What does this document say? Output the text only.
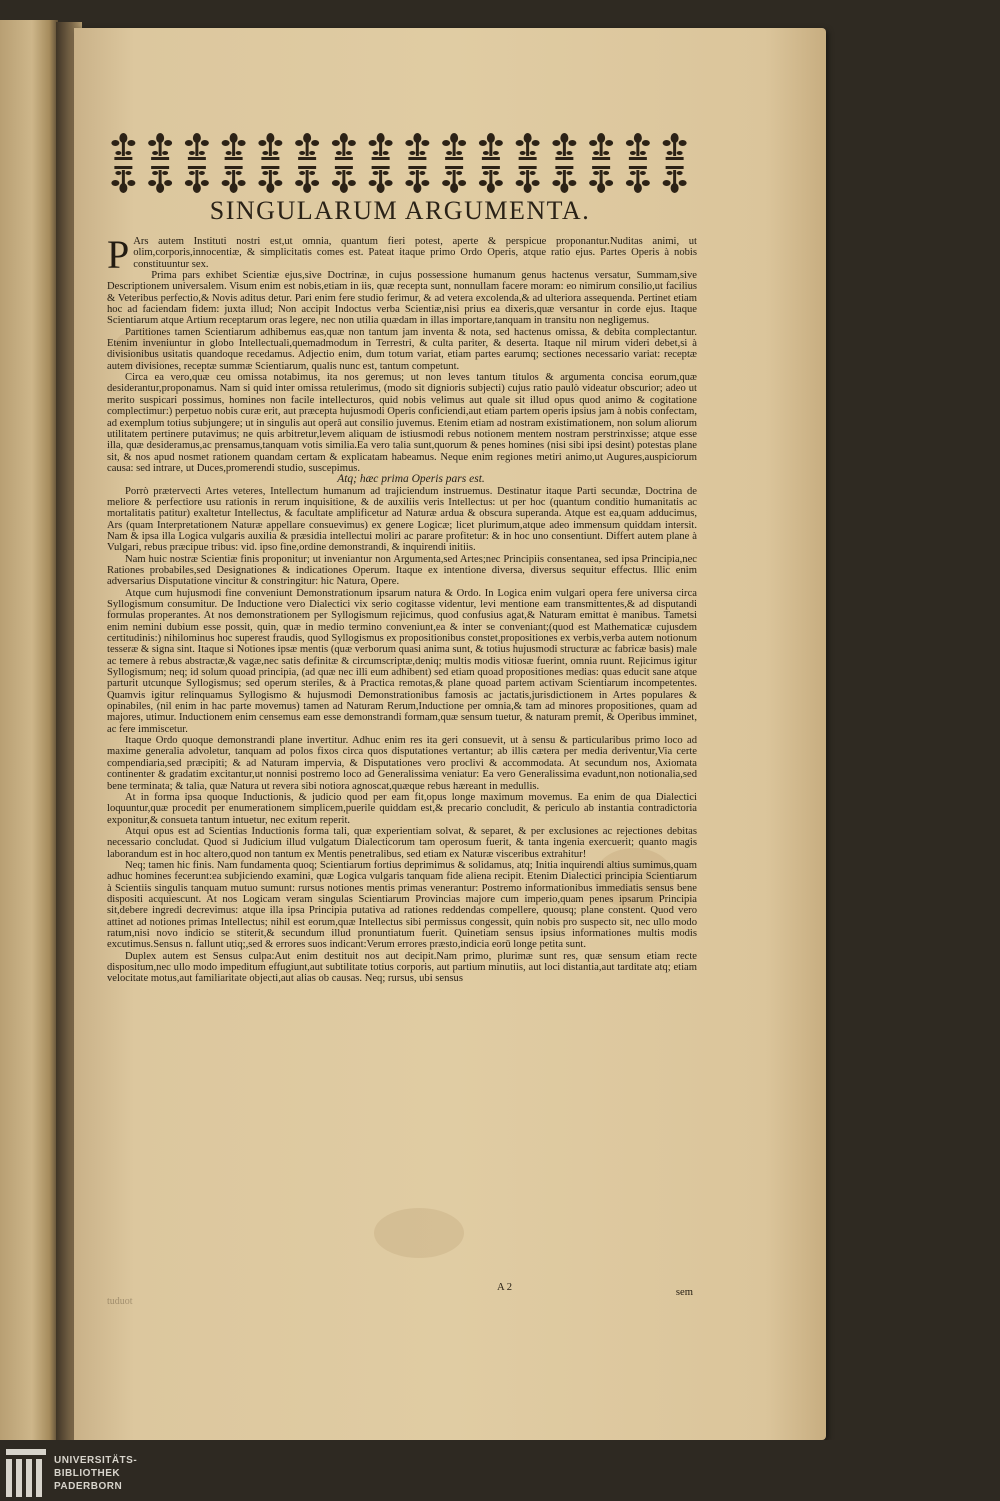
SINGULARUM ARGUMENTA.

P Ars autem Instituti nostri est,ut omnia, quantum fieri potest, aperte & perspicue proponantur.Nuditas animi, ut olim,corporis,innocentiæ, & simplicitatis comes est. Pateat itaque primo Ordo Operis, atque ratio ejus. Partes Operis à nobis constituuntur sex.

Prima pars exhibet Scientiæ ejus,sive Doctrinæ, in cujus possessione humanum genus hactenus versatur, Summam,sive Descriptionem universalem. Visum enim est nobis,etiam in iis, quæ recepta sunt, nonnullam facere moram: eo nimirum consilio,ut facilius & Veteribus perfectio,& Novis aditus detur. Pari enim fere studio ferimur, & ad vetera excolenda,& ad ulteriora assequenda. Pertinet etiam hoc ad faciendam fidem: juxta illud; Non accipit Indoctus verba Scientiæ,nisi prius ea dixeris,quæ versantur in corde ejus. Itaque Scientiarum atque Artium receptarum oras legere, nec non utilia quædam in illas importare,tanquam in transitu non negligemus.

Partitiones tamen Scientiarum adhibemus eas,quæ non tantum jam inventa & nota, sed hactenus omissa, & debita complectantur. Etenim inveniuntur in globo Intellectuali,quemadmodum in Terrestri, & culta pariter, & deserta. Itaque nil mirum videri debet,si à divisionibus usitatis quandoque recedamus. Adjectio enim, dum totum variat, etiam partes earumq; sectiones necessario variat: receptæ autem divisiones, receptæ summæ Scientiarum, qualis nunc est, tantum competunt.

Circa ea vero,quæ ceu omissa notabimus, ita nos geremus; ut non leves tantum titulos & argumenta concisa eorum,quæ desiderantur,proponamus. Nam si quid inter omissa retulerimus, (modo sit dignioris subjecti) cujus ratio paulò videatur obscurior; adeo ut merito suspicari possimus, homines non facile intellecturos, quid nobis velimus aut quale sit illud opus quod animo & cogitatione complectimur:) perpetuo nobis curæ erit, aut præcepta hujusmodi Operis conficiendi,aut etiam partem operis ipsius jam à nobis confectam, ad exemplum totius subjungere; ut in singulis aut operâ aut consilio juvemus. Etenim etiam ad nostram existimationem, non solum aliorum utilitatem pertinere putavimus; ne quis arbitretur,levem aliquam de istiusmodi rebus notionem mentem nostram perstrinxisse; atque esse illa, quæ desideramus,ac prensamus,tanquam votis similia.Ea vero talia sunt,quorum & penes homines (nisi sibi ipsi desint) potestas plane sit, & nos apud nosmet rationem quandam certam & explicatam habeamus. Neque enim regiones metiri animo,ut Augures,auspiciorum causa: sed intrare, ut Duces,promerendi studio, suscepimus.

Atq; hæc prima Operis pars est.

Porrò prætervecti Artes veteres, Intellectum humanum ad trajiciendum instruemus. Destinatur itaque Parti secundæ, Doctrina de meliore & perfectiore usu rationis in rerum inquisitione, & de auxiliis veris Intellectus: ut per hoc (quantum conditio humanitatis ac mortalitatis patitur) exaltetur Intellectus, & facultate amplificetur ad Naturæ ardua & obscura superanda. Atque est ea,quam adducimus, Ars (quam Interpretationem Naturæ appellare consuevimus) ex genere Logicæ; licet plurimum,atque adeo immensum quiddam intersit. Nam & ipsa illa Logica vulgaris auxilia & præsidia intellectui moliri ac parare profitetur: & in hoc uno consentiunt. Differt autem plane à Vulgari, rebus præcipue tribus: vid. ipso fine,ordine demonstrandi, & inquirendi initiis.

Nam huic nostræ Scientiæ finis proponitur; ut inveniantur non Argumenta,sed Artes;nec Principiis consentanea, sed ipsa Principia,nec Rationes probabiles,sed Designationes & indicationes Operum. Itaque ex intentione diversa, diversus sequitur effectus. Illic enim adversarius Disputatione vincitur & constringitur: hic Natura, Opere.

Atque cum hujusmodi fine conveniunt Demonstrationum ipsarum natura & Ordo. In Logica enim vulgari opera fere universa circa Syllogismum consumitur. De Inductione vero Dialectici vix serio cogitasse videntur, levi mentione eam transmittentes,& ad disputandi formulas properantes. At nos demonstrationem per Syllogismum rejicimus, quod confusius agat,& Naturam emittat è manibus. Tametsi enim nemini dubium esse possit, quin, quæ in medio termino conveniunt,ea & inter se conveniant;(quod est Mathematicæ cujusdem certitudinis:) nihilominus hoc superest fraudis, quod Syllogismus ex propositionibus constet,propositiones ex verbis,verba autem notionum tesseræ & signa sint. Itaque si Notiones ipsæ mentis (quæ verborum quasi anima sunt, & totius hujusmodi structuræ ac fabricæ basis) male ac temere à rebus abstractæ,& vagæ,nec satis definitæ & circumscriptæ,deniq; multis modis vitiosæ fuerint, omnia ruunt. Rejicimus igitur Syllogismum; neq; id solum quoad principia, (ad quæ nec illi eum adhibent) sed etiam quoad propositiones medias: quas educit sane atque parturit utcunque Syllogismus; sed operum steriles, & à Practica remotas,& plane quoad partem activam Scientiarum incompetentes. Quamvis igitur relinquamus Syllogismo & hujusmodi Demonstrationibus famosis ac jactatis,jurisdictionem in Artes populares & opinabiles, (nil enim in hac parte movemus) tamen ad Naturam Rerum,Inductione per omnia,& tam ad minores propositiones, quam ad majores, utimur. Inductionem enim censemus eam esse demonstrandi formam,quæ sensum tuetur, & naturam premit, & Operibus imminet, ac fere immiscetur.

Itaque Ordo quoque demonstrandi plane invertitur. Adhuc enim res ita geri consuevit, ut à sensu & particularibus primo loco ad maxime generalia advoletur, tanquam ad polos fixos circa quos disputationes vertantur; ab illis cætera per media deriventur,Via certe compendiaria,sed præcipiti; & ad Naturam impervia, & Disputationes vero proclivi & accommodata. At secundum nos, Axiomata continenter & gradatim excitantur,ut nonnisi postremo loco ad Generalissima veniatur: Ea vero Generalissima evadunt,non notionalia,sed bene terminata; & talia, quæ Natura ut revera sibi notiora agnoscat,quæque rebus hæreant in medullis.

At in forma ipsa quoque Inductionis, & judicio quod per eam fit,opus longe maximum movemus. Ea enim de qua Dialectici loquuntur,quæ procedit per enumerationem simplicem,puerile quiddam est,& precario concludit, & periculo ab instantia contradictoria exponitur,& consueta tantum intuetur, nec exitum reperit.

Atqui opus est ad Scientias Inductionis forma tali, quæ experientiam solvat, & separet, & per exclusiones ac rejectiones debitas necessario concludat. Quod si Judicium illud vulgatum Dialecticorum tam operosum fuerit, & tanta ingenia exercuerit; quanto magis laborandum est in hoc altero,quod non tantum ex Mentis penetralibus, sed etiam ex Naturæ visceribus extrahitur!

Neq; tamen hic finis. Nam fundamenta quoq; Scientiarum fortius deprimimus & solidamus, atq; Initia inquirendi altius sumimus,quam adhuc homines fecerunt:ea subjiciendo examini, quæ Logica vulgaris tanquam fide aliena recipit. Etenim Dialectici principia Scientiarum à Scientiis singulis tanquam mutuo sumunt: rursus notiones mentis primas venerantur: Postremo informationibus immediatis sensus bene dispositi acquiescunt. At nos Logicam veram singulas Scientiarum Provincias majore cum imperio,quam penes ipsarum Principia sit,debere ingredi decrevimus: atque illa ipsa Principia putativa ad rationes reddendas compellere, quousq; plane constent. Quod vero attinet ad notiones primas Intellectus; nihil est eorum,quæ Intellectus sibi permissus congessit, quin nobis pro suspecto sit, nec ullo modo ratum,nisi novo indicio se stiterit,& secundum illud pronuntiatum fuerit. Quinetiam sensus ipsius informationes multis modis excutimus.Sensus n. fallunt utiq;,sed & errores suos indicant:Verum errores præsto,indicia eorū longe petita sunt.

Duplex autem est Sensus culpa:Aut enim destituit nos aut decipit.Nam primo, plurimæ sunt res, quæ sensum etiam recte dispositum,nec ullo modo impeditum effugiunt,aut subtilitate totius corporis, aut partium minutiis, aut loci distantia,aut tarditate atq; etiam velocitate motus,aut familiaritate objecti,aut alias ob causas. Neq; rursus, ubi sensus

A 2	sem
tuduot
UNIVERSITÄTS-
BIBLIOTHEK
PADERBORN
